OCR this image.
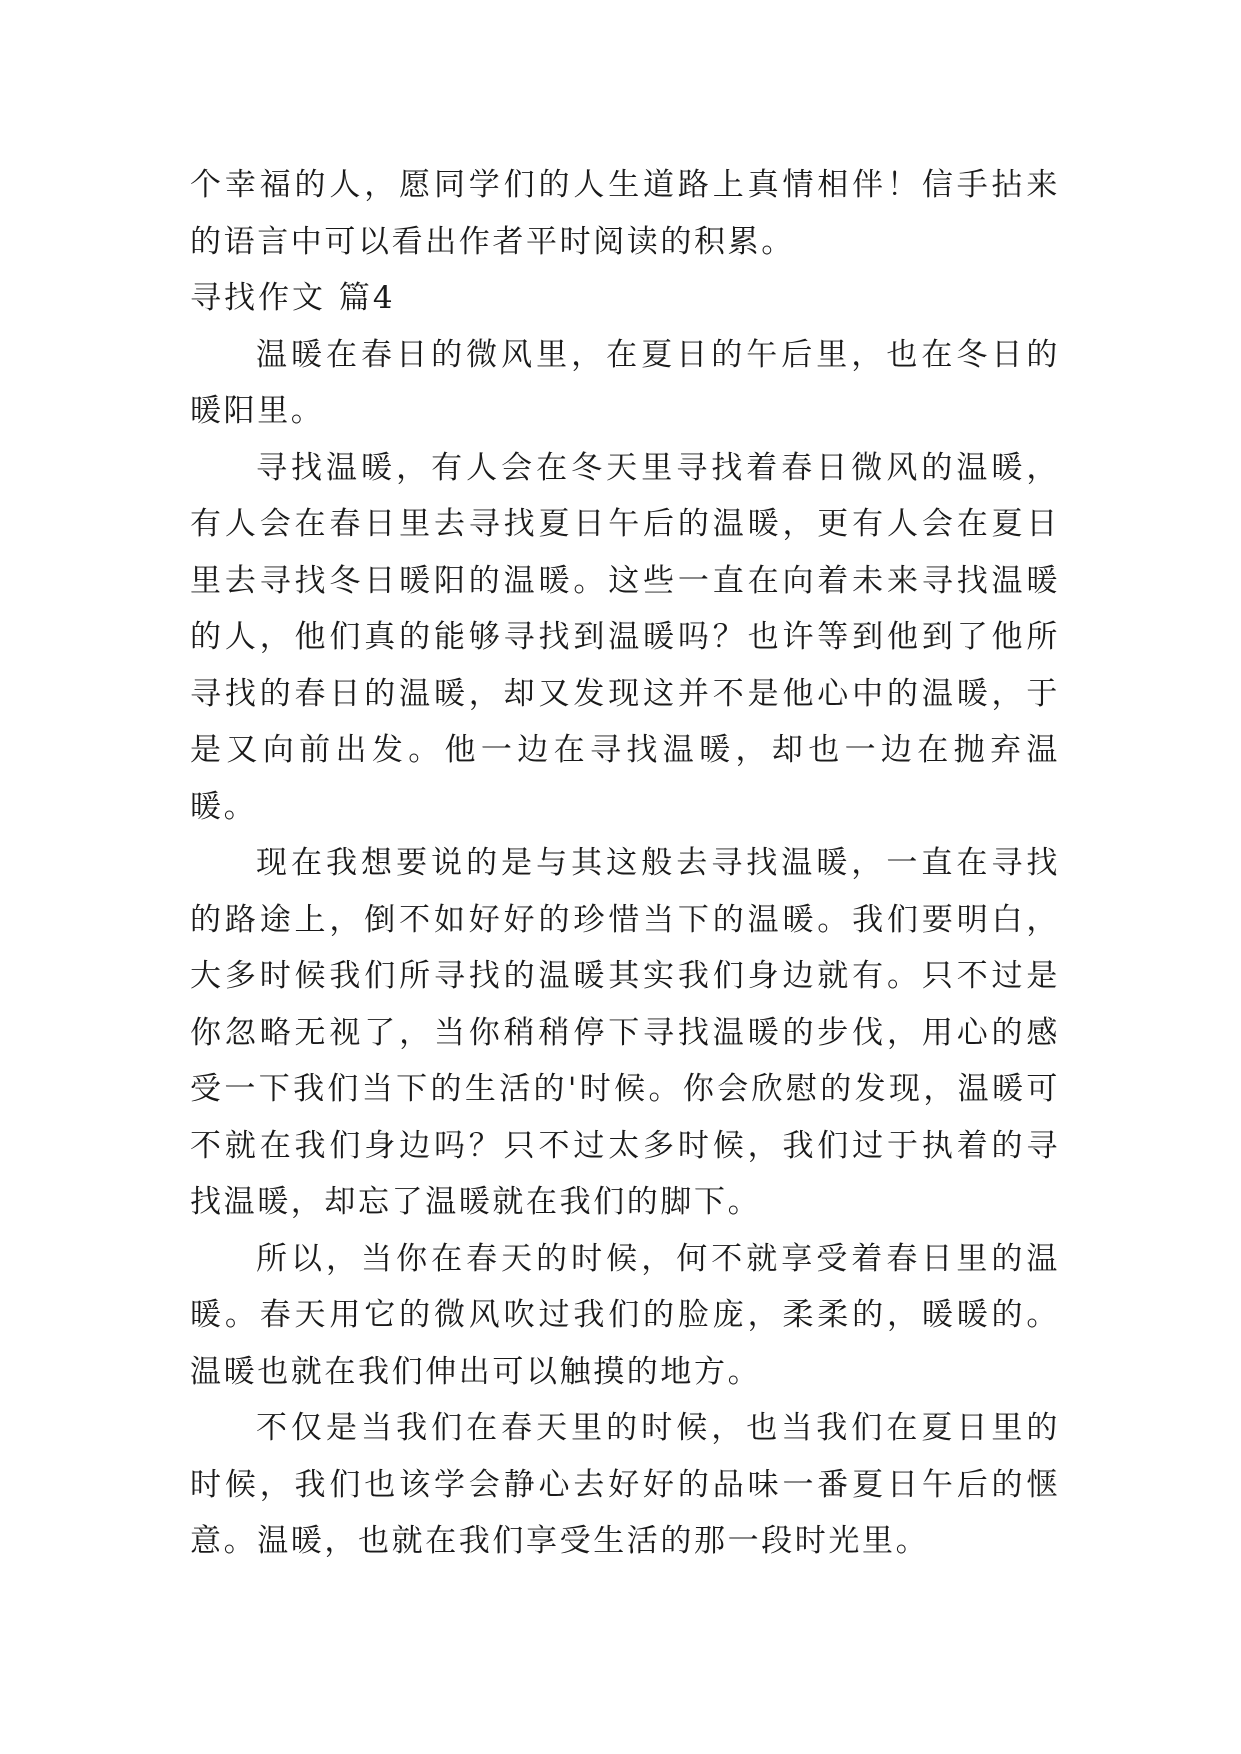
个幸福的人，愿同学们的人生道路上真情相伴！信手拈来的语言中可以看出作者平时阅读的积累。

寻找作文 篇4

温暖在春日的微风里，在夏日的午后里，也在冬日的暖阳里。

寻找温暖，有人会在冬天里寻找着春日微风的温暖，有人会在春日里去寻找夏日午后的温暖，更有人会在夏日里去寻找冬日暖阳的温暖。这些一直在向着未来寻找温暖的人，他们真的能够寻找到温暖吗？也许等到他到了他所寻找的春日的温暖，却又发现这并不是他心中的温暖，于是又向前出发。他一边在寻找温暖，却也一边在抛弃温暖。

现在我想要说的是与其这般去寻找温暖，一直在寻找的路途上，倒不如好好的珍惜当下的温暖。我们要明白，大多时候我们所寻找的温暖其实我们身边就有。只不过是你忽略无视了，当你稍稍停下寻找温暖的步伐，用心的感受一下我们当下的生活的'时候。你会欣慰的发现，温暖可不就在我们身边吗？只不过太多时候，我们过于执着的寻找温暖，却忘了温暖就在我们的脚下。

所以，当你在春天的时候，何不就享受着春日里的温暖。春天用它的微风吹过我们的脸庞，柔柔的，暖暖的。温暖也就在我们伸出可以触摸的地方。

不仅是当我们在春天里的时候，也当我们在夏日里的时候，我们也该学会静心去好好的品味一番夏日午后的惬意。温暖，也就在我们享受生活的那一段时光里。
